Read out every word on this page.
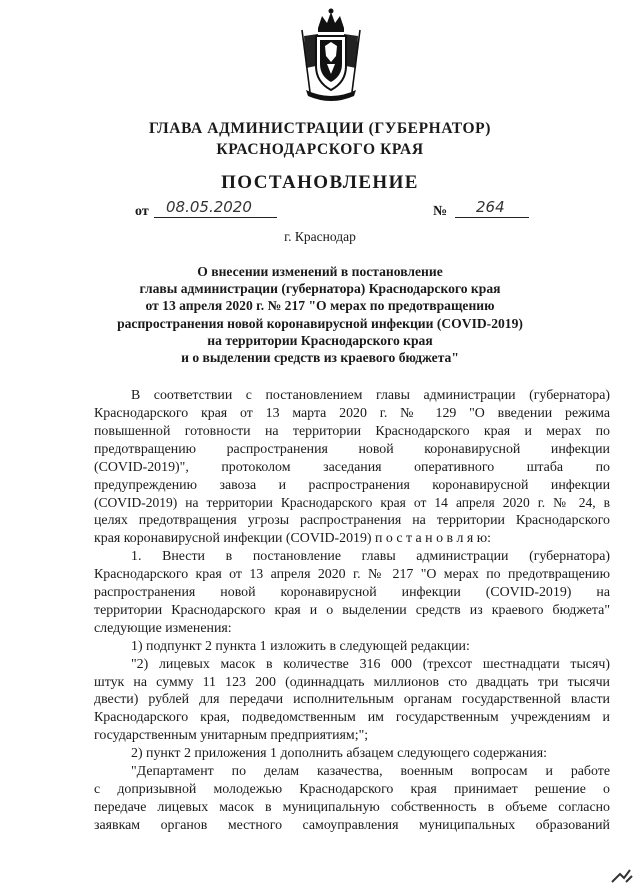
ГЛАВА АДМИНИСТРАЦИИ (ГУБЕРНАТОР)
КРАСНОДАРСКОГО КРАЯ
ПОСТАНОВЛЕНИЕ
от 08.05.2020	№ 264
г. Краснодар
О внесении изменений в постановление
главы администрации (губернатора) Краснодарского края
от 13 апреля 2020 г. № 217 "О мерах по предотвращению
распространения новой коронавирусной инфекции (COVID-2019)
на территории Краснодарского края
и о выделении средств из краевого бюджета"
В соответствии с постановлением главы администрации (губернатора)
Краснодарского края от 13 марта 2020 г. № 129 "О введении режима
повышенной готовности на территории Краснодарского края и мерах по
предотвращению распространения новой коронавирусной инфекции
(COVID-2019)", протоколом заседания оперативного штаба по
предупреждению завоза и распространения коронавирусной инфекции
(COVID-2019) на территории Краснодарского края от 14 апреля 2020 г. № 24, в
целях предотвращения угрозы распространения на территории Краснодарского
края коронавирусной инфекции (COVID-2019) п о с т а н о в л я ю:
1. Внести в постановление главы администрации (губернатора)
Краснодарского края от 13 апреля 2020 г. № 217 "О мерах по предотвращению
распространения новой коронавирусной инфекции (COVID-2019) на
территории Краснодарского края и о выделении средств из краевого бюджета"
следующие изменения:
1) подпункт 2 пункта 1 изложить в следующей редакции:
"2) лицевых масок в количестве 316 000 (трехсот шестнадцати тысяч)
штук на сумму 11 123 200 (одиннадцать миллионов сто двадцать три тысячи
двести) рублей для передачи исполнительным органам государственной власти
Краснодарского края, подведомственным им государственным учреждениям и
государственным унитарным предприятиям;";
2) пункт 2 приложения 1 дополнить абзацем следующего содержания:
"Департамент по делам казачества, военным вопросам и работе
с допризывной молодежью Краснодарского края принимает решение о
передаче лицевых масок в муниципальную собственность в объеме согласно
заявкам органов местного самоуправления муниципальных образований
